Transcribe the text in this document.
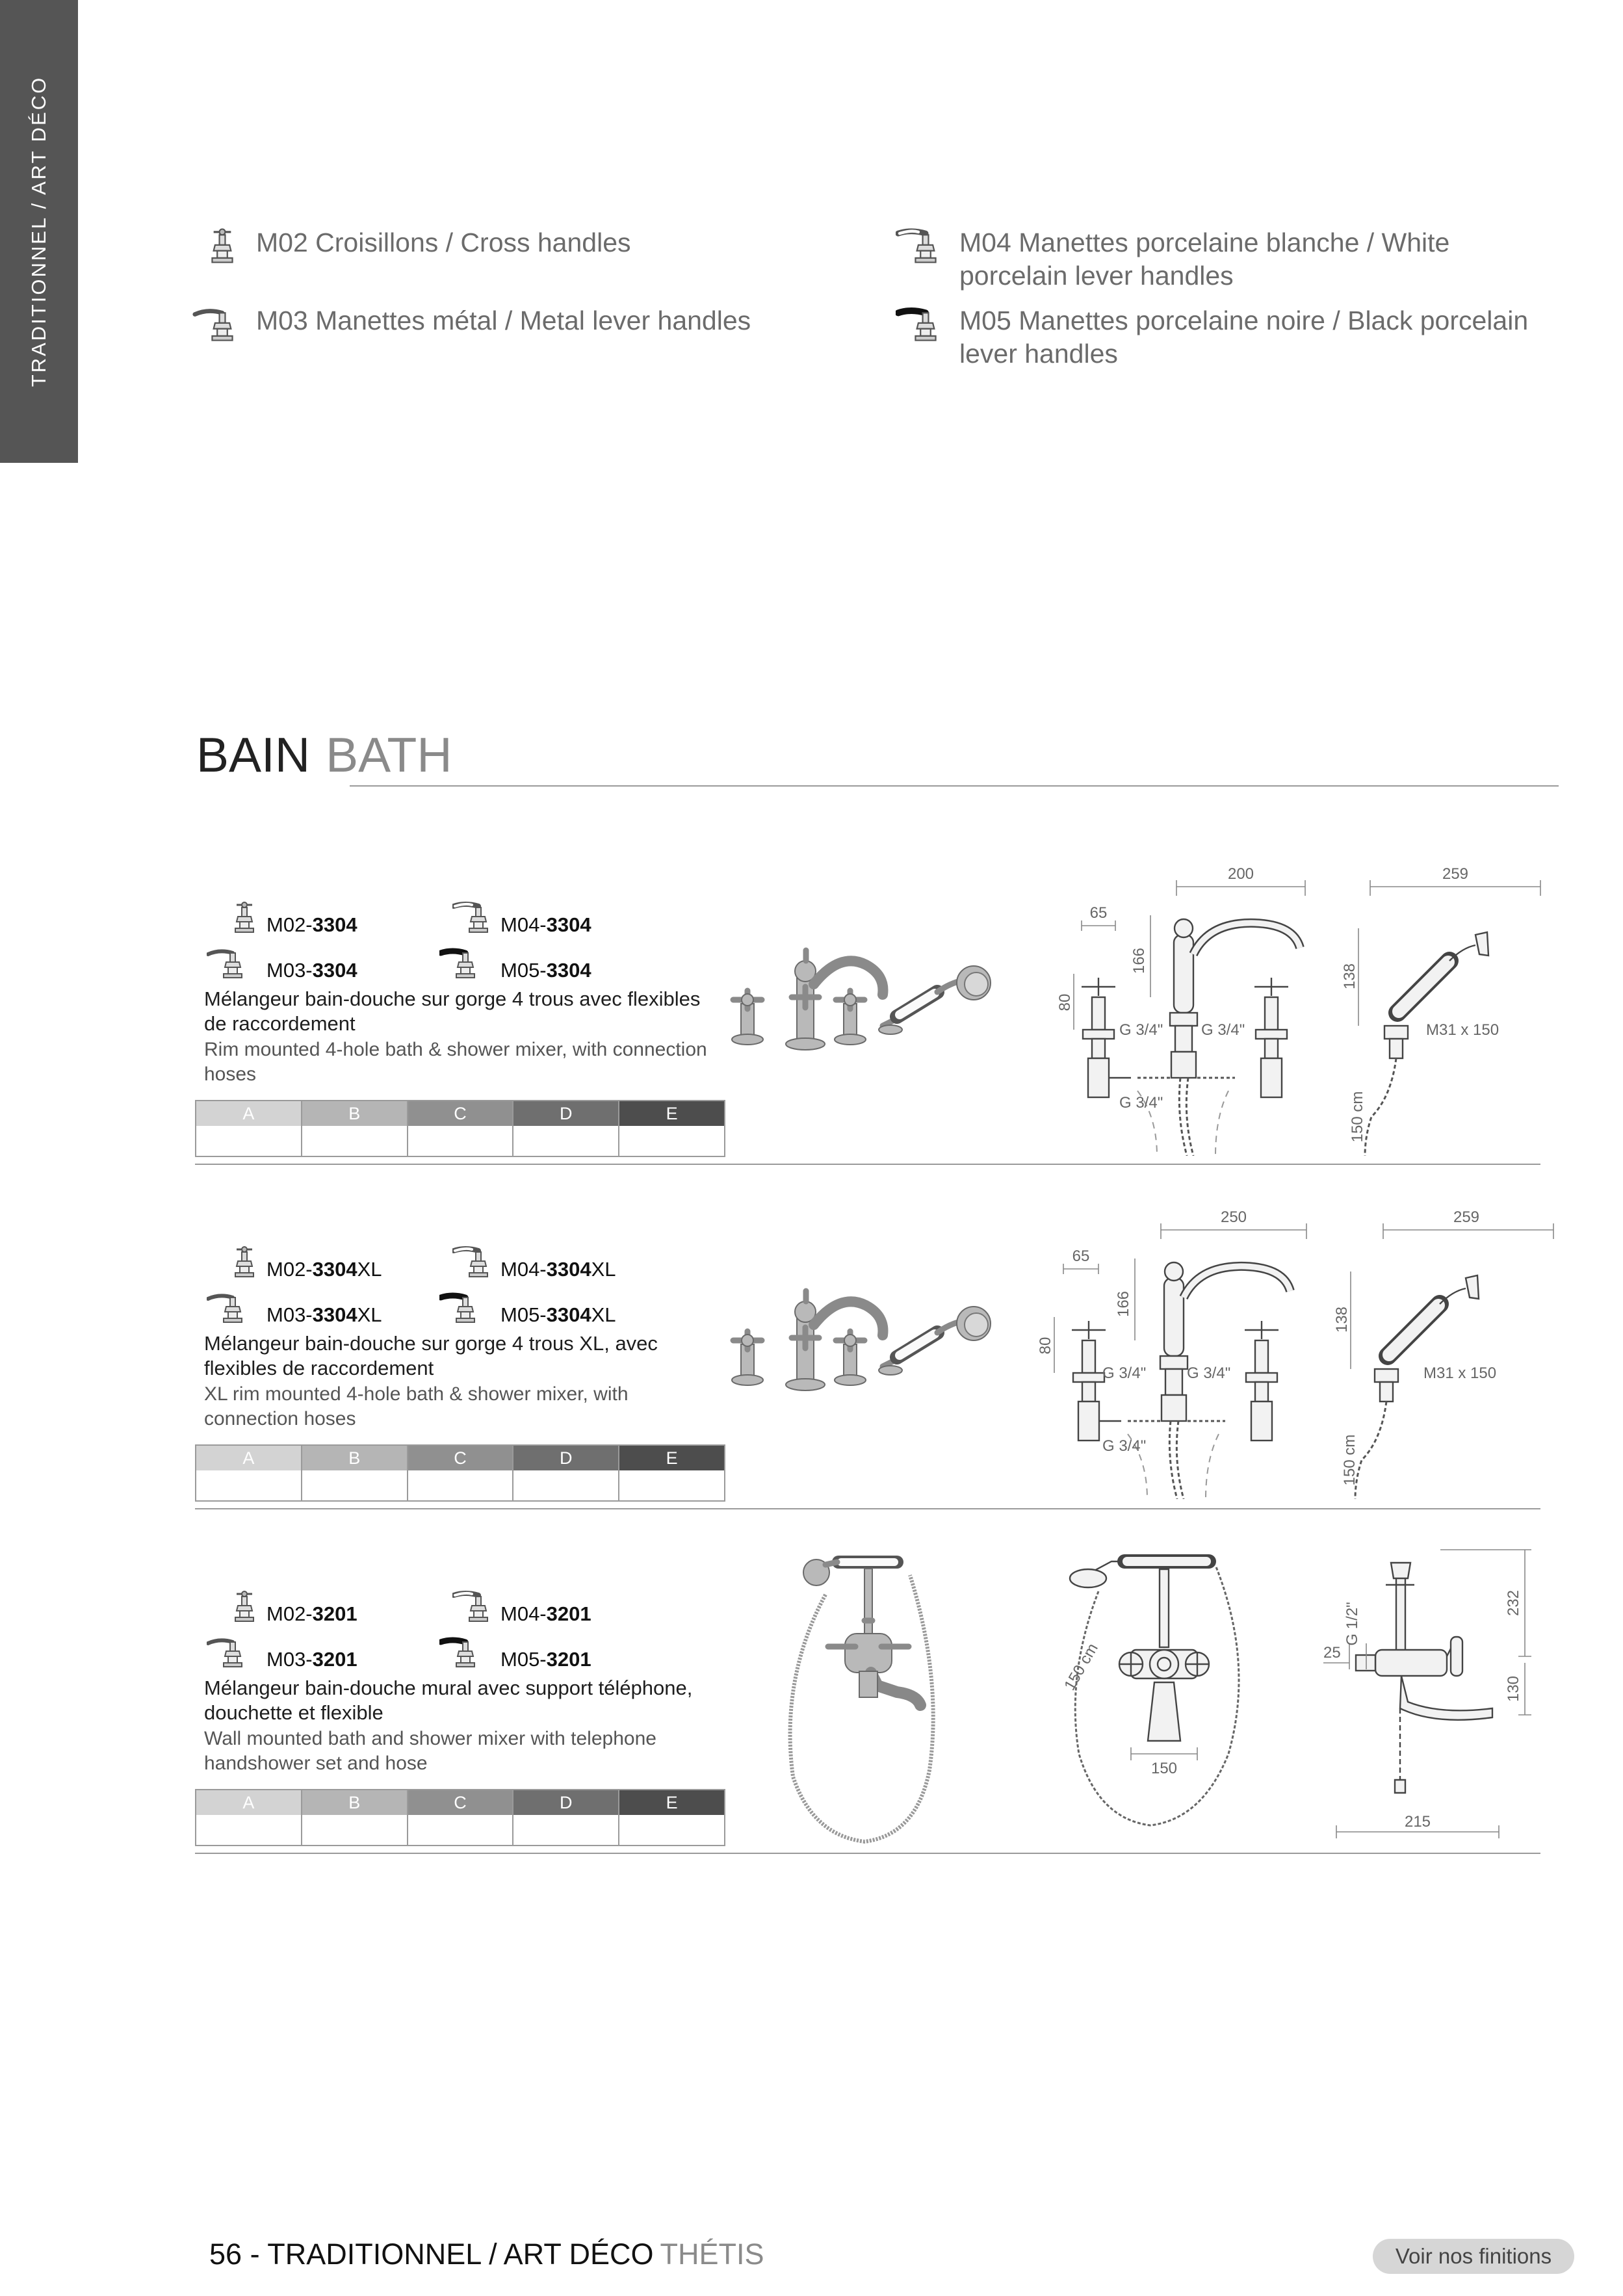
TRADITIONNEL / ART DÉCO	M02 Croisillons / Cross handles
M03 Manettes métal / Metal lever handles
M04 Manettes porcelaine blanche / White porcelain lever handles
M05 Manettes porcelaine noire / Black porcelain lever handles
BAIN BATH
M02-3304	M04-3304
M03-3304	M05-3304
Mélangeur bain-douche sur gorge 4 trous avec flexibles de raccordement
Rim mounted 4-hole bath & shower mixer, with connection hoses
A	B	C	D	E
259
200
65
166
80
138
G 3/4" G 3/4"
G 3/4"
M31 x 150
150 cm
M02-3304XL	M04-3304XL
M03-3304XL	M05-3304XL
Mélangeur bain-douche sur gorge 4 trous XL, avec flexibles de raccordement
XL rim mounted 4-hole bath & shower mixer, with connection hoses
A	B	C	D	E
259
250
65
166
80
138
G 3/4"	G 3/4"
G 3/4"
M31 x 150
150 cm
M02-3201	M04-3201
M03-3201	M05-3201
Mélangeur bain-douche mural avec support téléphone, douchette et flexible
Wall mounted bath and shower mixer with telephone handshower set and hose
A	B	C	D	E
150
150 cm
232
130
25
G 1/2"
215
56 - TRADITIONNEL / ART DÉCO THÉTIS	Voir nos finitions
